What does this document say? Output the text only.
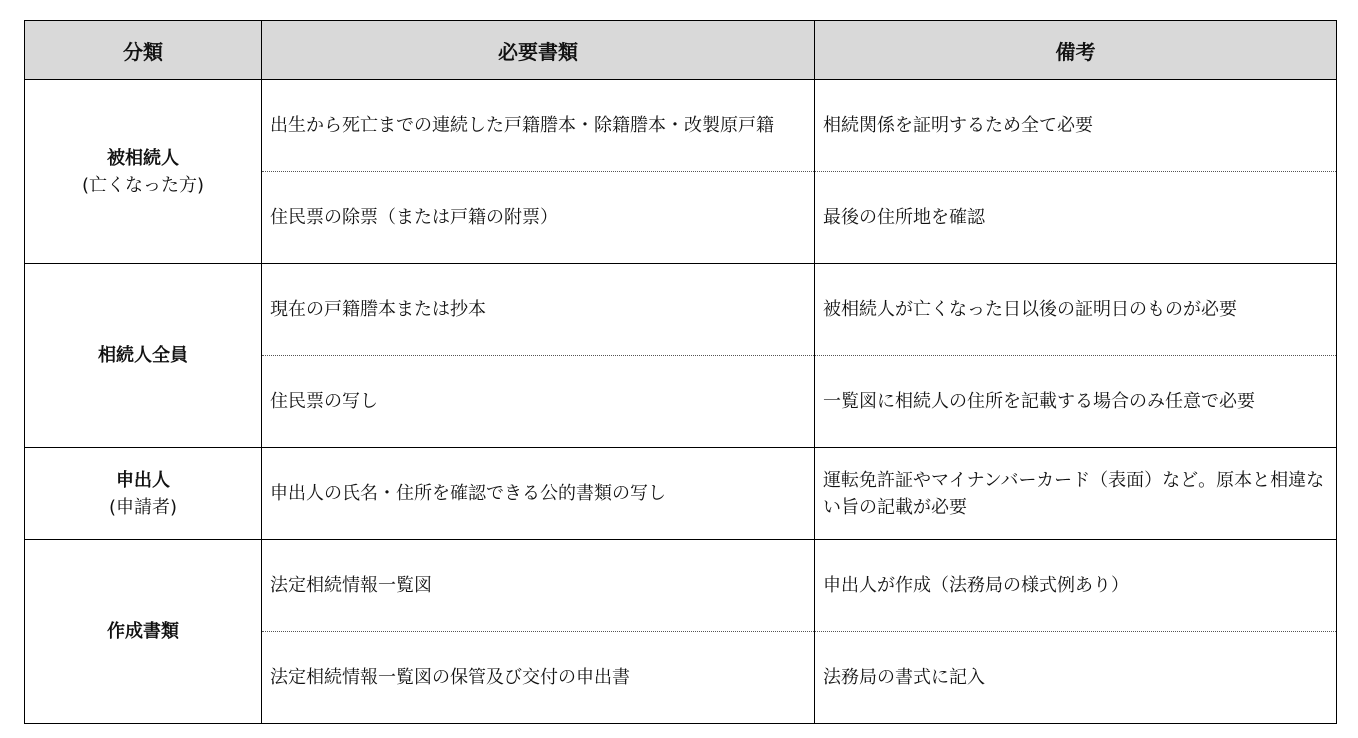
分類	必要書類	備考

被相続人
(亡くなった方)	出生から死亡までの連続した戸籍謄本・除籍謄本・改製原戸籍	相続関係を証明するため全て必要
	住民票の除票（または戸籍の附票）	最後の住所地を確認

相続人全員	現在の戸籍謄本または抄本	被相続人が亡くなった日以後の証明日のものが必要
	住民票の写し	一覧図に相続人の住所を記載する場合のみ任意で必要

申出人
(申請者)	申出人の氏名・住所を確認できる公的書類の写し	運転免許証やマイナンバーカード（表面）など。原本と相違ない旨の記載が必要

作成書類	法定相続情報一覧図	申出人が作成（法務局の様式例あり）
	法定相続情報一覧図の保管及び交付の申出書	法務局の書式に記入
